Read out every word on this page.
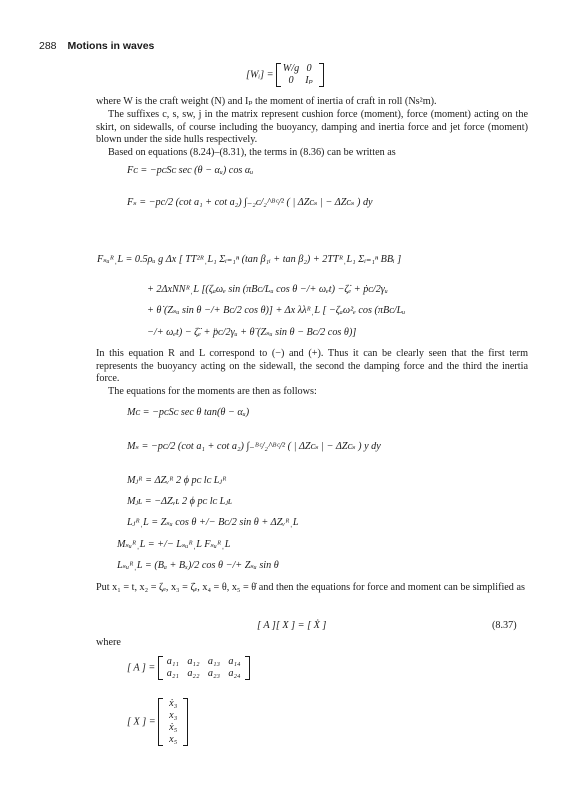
288 Motions in waves
[Wᵢ] =
W/g 0
0 Iₚ
where W is the craft weight (N) and Iₚ the moment of inertia of craft in roll (Ns²m).
The suffixes c, s, sw, j in the matrix represent cushion force (moment), force (moment) acting on the skirt, on sidewalls, of course including the buoyancy, damping and inertia force and jet force (moment) blown under the side hulls respectively.
Based on equations (8.24)–(8.31), the terms in (8.36) can be written as
Fᴄ = −pᴄSᴄ sec (θ − αᵤ) cos αᵤ
Fₛ = −pc/2 (cot a₁ + cot a₂) ∫₋₂ᴄ/₂^ᴮᶜ/² ( | ΔZᴄₛ | − ΔZᴄₛ ) dy
FₛᵤᴿˌL = 0.5ρᵤ g Δx [ TT²ᴿˌL₁ Σᵢ₌₁ⁿ (tan β₁ᵢ + tan β₂) + 2TTᴿˌL₁ Σᵢ₌₁ⁿ BBᵢ ]
+ 2ΔxNNᴿˌL [(ζₐωₑ sin (πBᴄ/Lᵤ cos θ −/+ ωₑt) −ζ̇ₑ + ṗᴄ/2γᵤ
+ θ̇ (Zₛᵤ sin θ −/+ Bᴄ/2 cos θ)] + Δx λλᴿˌL [ −ζₐω²ₑ cos (πBᴄ/Lᵤ
−/+ ωₑt) − ζ̈ₑ + p̈ᴄ/2γᵤ + θ̈ (Zₛᵤ sin θ − Bᴄ/2 cos θ)]
In this equation R and L correspond to (−) and (+). Thus it can be clearly seen that the first term represents the buoyancy acting on the sidewall, the second the damping force and the third the inertia force.
The equations for the moments are then as follows:
Mᴄ = −pᴄSᴄ sec θ tan(θ − αᵤ)
Mₛ = −pᴄ/2 (cot a₁ + cot a₂) ∫₋ᴮᶜ/₂^ᴮᶜ/² ( | ΔZᴄₛ | − ΔZᴄₛ ) y dy
Mⱼᴿ = ΔZᵥᴿ 2 ϕ pᴄ lᴄ Lⱼᴿ
Mⱼʟ = −ΔZᵥʟ 2 ϕ pᴄ lᴄ Lⱼʟ
LⱼᴿˌL = Zₛᵤ cos θ +/− Bᴄ/2 sin θ + ΔZᵥᴿˌL
MₛᵤᴿˌL = +/− LₛᵤᴿˌL FₛᵤᴿˌL
LₛᵤᴿˌL = (Bₐ + Bₓ)/2 cos θ −/+ Zₛᵤ sin θ
Put x₁ = t, x₂ = ζₑ, x₃ = ζ̇ₑ, x₄ = θ, x₅ = θ̇ and then the equations for force and moment can be simplified as
[ A ][ X ] = [ Ẋ ]	(8.37)
where
[ A ] =
a₁₁ a₁₂ a₁₃ a₁₄
a₂₁ a₂₂ a₂₃ a₂₄
[ X ] =
ẋ₃
x₃
ẋ₅
x₅
